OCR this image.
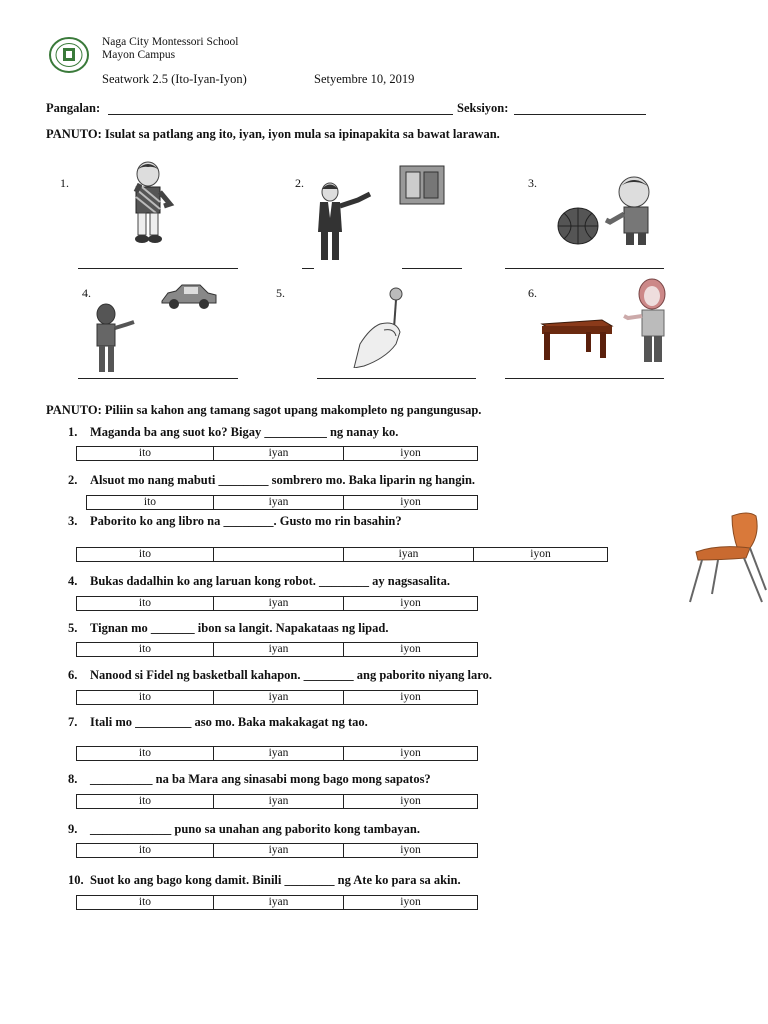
Naga City Montessori School
Mayon Campus
Seatwork 2.5 (Ito-Iyan-Iyon)	Setyembre 10, 2019
Pangalan:	Seksiyon:
PANUTO: Isulat sa patlang ang ito, iyan, iyon mula sa ipinapakita sa bawat larawan.
1.	2.	3.
4.	5.	6.
PANUTO: Piliin sa kahon ang tamang sagot upang makompleto ng pangungusap.
1. Maganda ba ang suot ko? Bigay __________ ng nanay ko.
ito	iyan	iyon
2. Alsuot mo nang mabuti ________ sombrero mo. Baka liparin ng hangin.
ito	iyan	iyon
3. Paborito ko ang libro na ________. Gusto mo rin basahin?
ito		iyan	iyon
4. Bukas dadalhin ko ang laruan kong robot. ________ ay nagsasalita.
ito	iyan	iyon
5. Tignan mo _______ ibon sa langit. Napakataas ng lipad.
ito	iyan	iyon
6. Nanood si Fidel ng basketball kahapon. ________ ang paborito niyang laro.
ito	iyan	iyon
7. Itali mo _________ aso mo. Baka makakagat ng tao.
ito	iyan	iyon
8. __________ na ba Mara ang sinasabi mong bago mong sapatos?
ito	iyan	iyon
9. _____________ puno sa unahan ang paborito kong tambayan.
ito	iyan	iyon
10. Suot ko ang bago kong damit. Binili ________ ng Ate ko para sa akin.
ito	iyan	iyon
